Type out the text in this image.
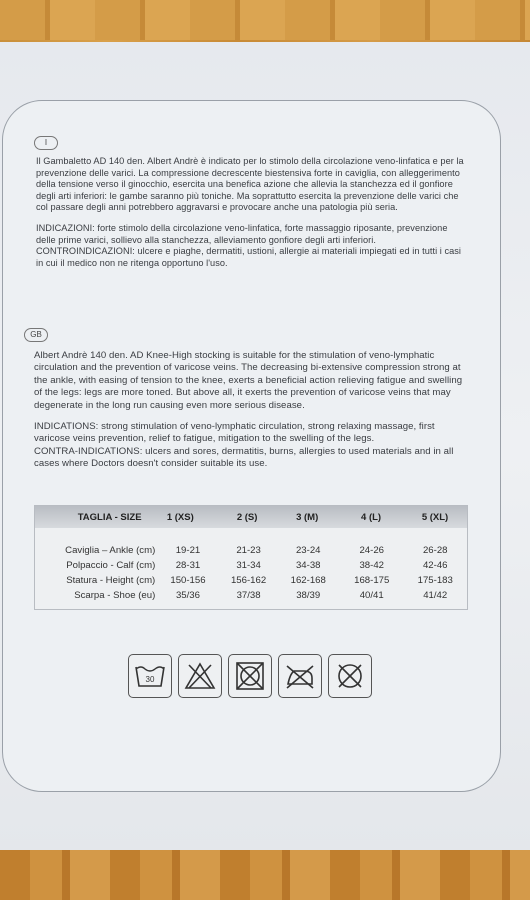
I

Il Gambaletto AD 140 den. Albert Andrè è indicato per lo stimolo della circolazione veno-linfatica e per la prevenzione delle varici. La compressione decrescente biestensiva forte in caviglia, con alleggerimento della tensione verso il ginocchio, esercita una benefica azione che allevia la stanchezza ed il gonfiore degli arti inferiori: le gambe saranno più toniche. Ma soprattutto esercita la prevenzione delle varici che col passare degli anni potrebbero aggravarsi e provocare anche una patologia più seria.

INDICAZIONI: forte stimolo della circolazione veno-linfatica, forte massaggio riposante, prevenzione delle prime varici, sollievo alla stanchezza, alleviamento gonfiore degli arti inferiori.

CONTROINDICAZIONI: ulcere e piaghe, dermatiti, ustioni, allergie ai materiali impiegati ed in tutti i casi in cui il medico non ne ritenga opportuno l'uso.

GB

Albert Andrè 140 den. AD Knee-High stocking is suitable for the stimulation of veno-lymphatic circulation and the prevention of varicose veins. The decreasing bi-extensive compression strong at the ankle, with easing of tension to the knee, exerts a beneficial action relieving fatigue and swelling of the legs: legs are more toned. But above all, it exerts the prevention of varicose veins that may degenerate in the long run causing even more serious disease.

INDICATIONS: strong stimulation of veno-lymphatic circulation, strong relaxing massage, first varicose veins prevention, relief to fatigue, mitigation to the swelling of the legs.

CONTRA-INDICATIONS: ulcers and sores, dermatitis, burns, allergies to used materials and in all cases where Doctors doesn't consider suitable its use.

TAGLIA - SIZE	1 (XS)	2 (S)	3 (M)	4 (L)	5 (XL)
Caviglia – Ankle (cm)	19-21	21-23	23-24	24-26	26-28
Polpaccio - Calf (cm)	28-31	31-34	34-38	38-42	42-46
Statura - Height (cm)	150-156	156-162	162-168	168-175	175-183
Scarpa - Shoe (eu)	35/36	37/38	38/39	40/41	41/42
30
